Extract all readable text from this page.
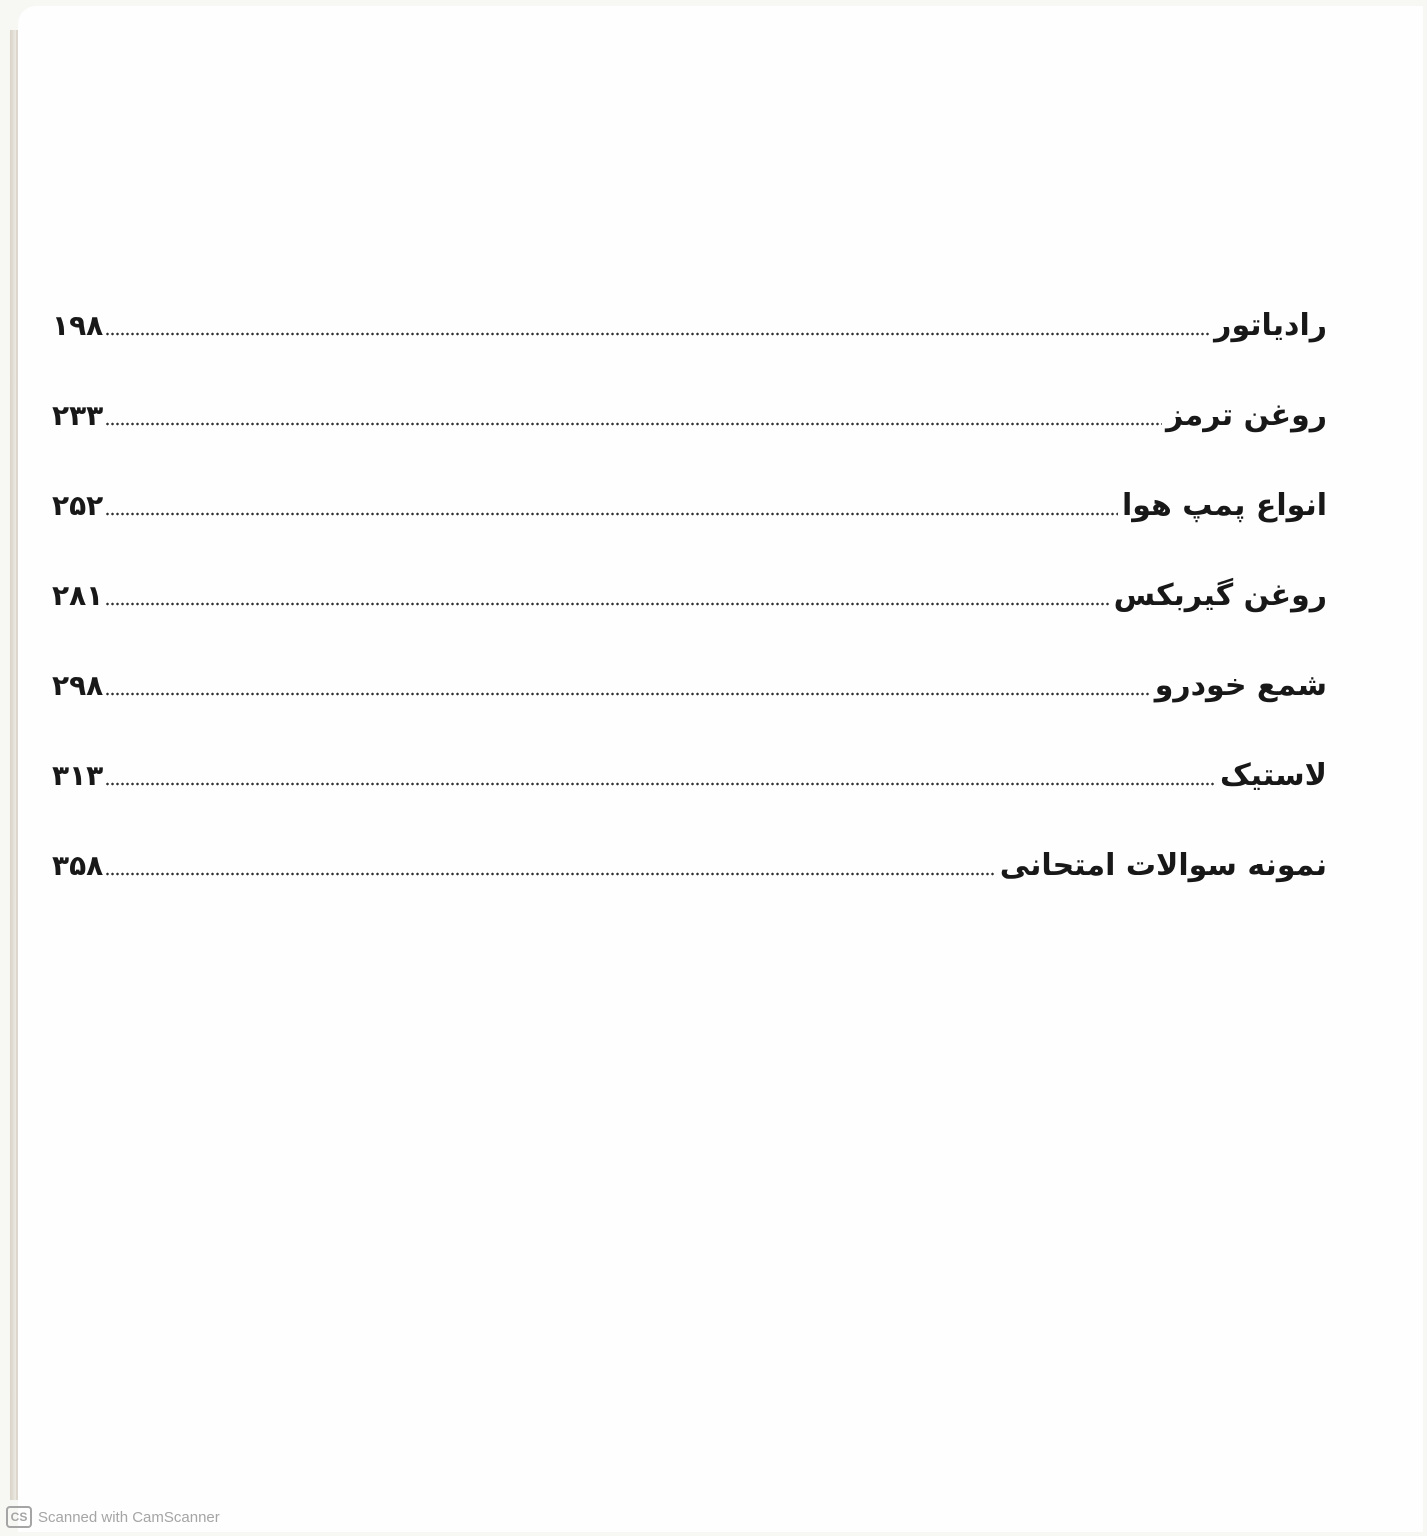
رادیاتور
۱۹۸
روغن ترمز
۲۳۳
انواع پمپ هوا
۲۵۲
روغن گیربکس
۲۸۱
شمع خودرو
۲۹۸
لاستیک
۳۱۳
نمونه سوالات امتحانی
۳۵۸
CS Scanned with CamScanner
